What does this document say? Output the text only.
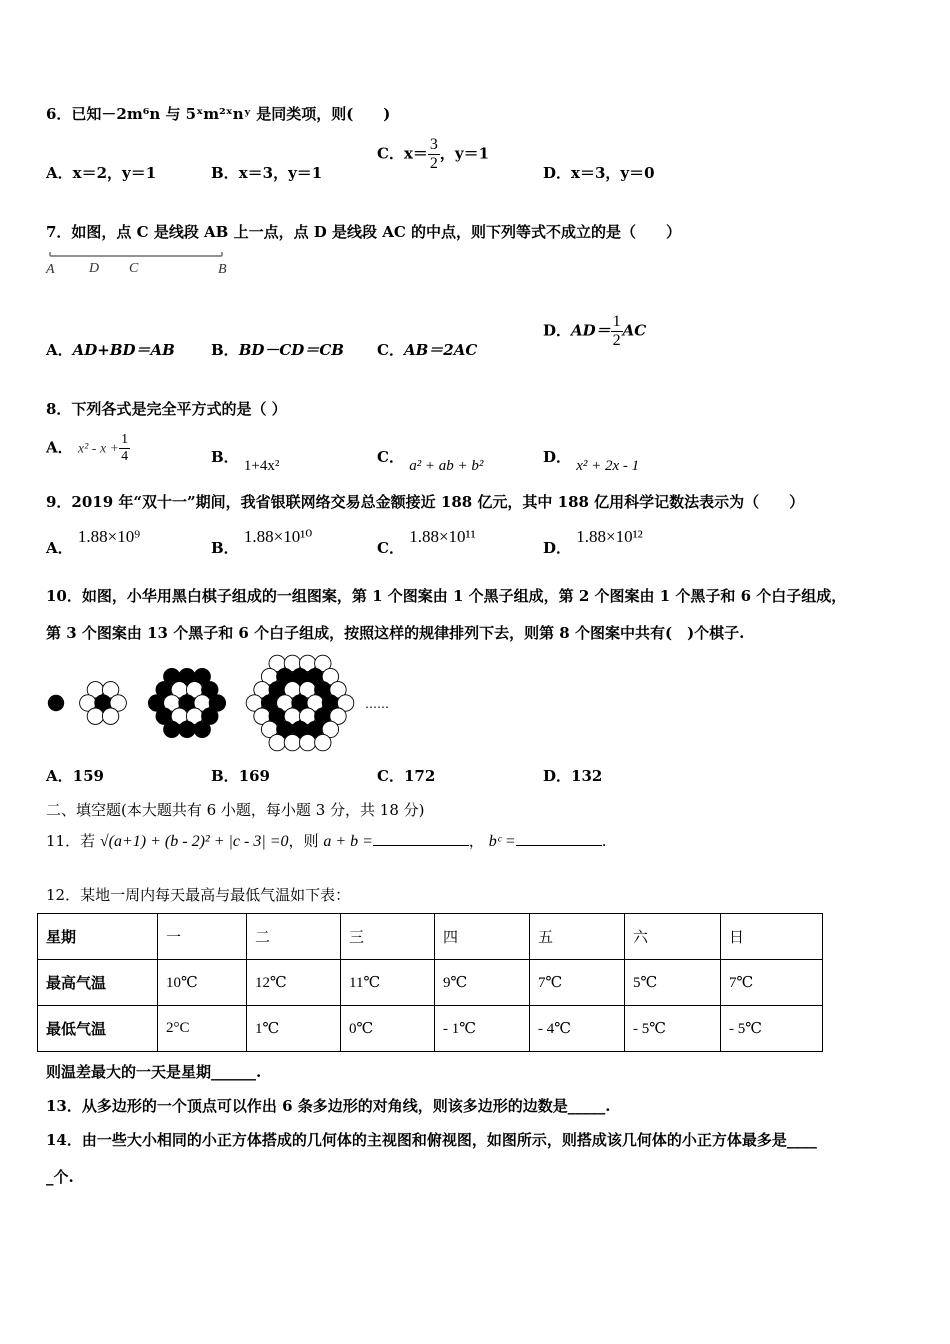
6．已知－2m⁶n 与 5ˣm²ˣnʸ 是同类项，则(　　)
A．x＝2，y＝1	B．x＝3，y＝1
C．$x= \frac{3}{2}$ ，y＝1
D．x＝3，y＝0
7．如图，点 C 是线段 AB 上一点，点 D 是线段 AC 的中点，则下列等式不成立的是（　　）
A D C	B
A．AD+BD＝AB B．BD－CD＝CB C．AB＝2AC
D．$AD= \frac{1}{2}$ AC
8．下列各式是完全平方式的是（ ）
A． $x^2 - x + \frac{1}{4}$	B． 1+4x²	C． a² + ab + b²	D． x² + 2x - 1
9．2019 年“双十一”期间，我省银联网络交易总金额接近 188 亿元，其中 188 亿用科学记数法表示为（　　）
A． 1.88×10⁹
B． 1.88×10¹⁰
C． 1.88×10¹¹
D． 1.88×10¹²
10．如图，小华用黑白棋子组成的一组图案，第 1 个图案由 1 个黑子组成，第 2 个图案由 1 个黑子和 6 个白子组成，
第 3 个图案由 13 个黑子和 6 个白子组成，按照这样的规律排列下去，则第 8 个图案中共有(　)个棋子.
……
A．159	B．169	C．172	D．132
二、填空题(本大题共有 6 小题，每小题 3 分，共 18 分)
11．若 √(a+1) + (b - 2)² + |c - 3| =0，则 a + b =	， bᶜ =	.
12．某地一周内每天最高与最低气温如下表：
星期	一	二	三	四	五	六	日
最高气温	10℃	12℃	11℃	9℃	7℃	5℃	7℃
最低气温	2°C	1℃	0℃	- 1℃	- 4℃	- 5℃	- 5℃
则温差最大的一天是星期______.
13．从多边形的一个顶点可以作出 6 条多边形的对角线，则该多边形的边数是_____.
14．由一些大小相同的小正方体搭成的几何体的主视图和俯视图，如图所示，则搭成该几何体的小正方体最多是____
_个.
